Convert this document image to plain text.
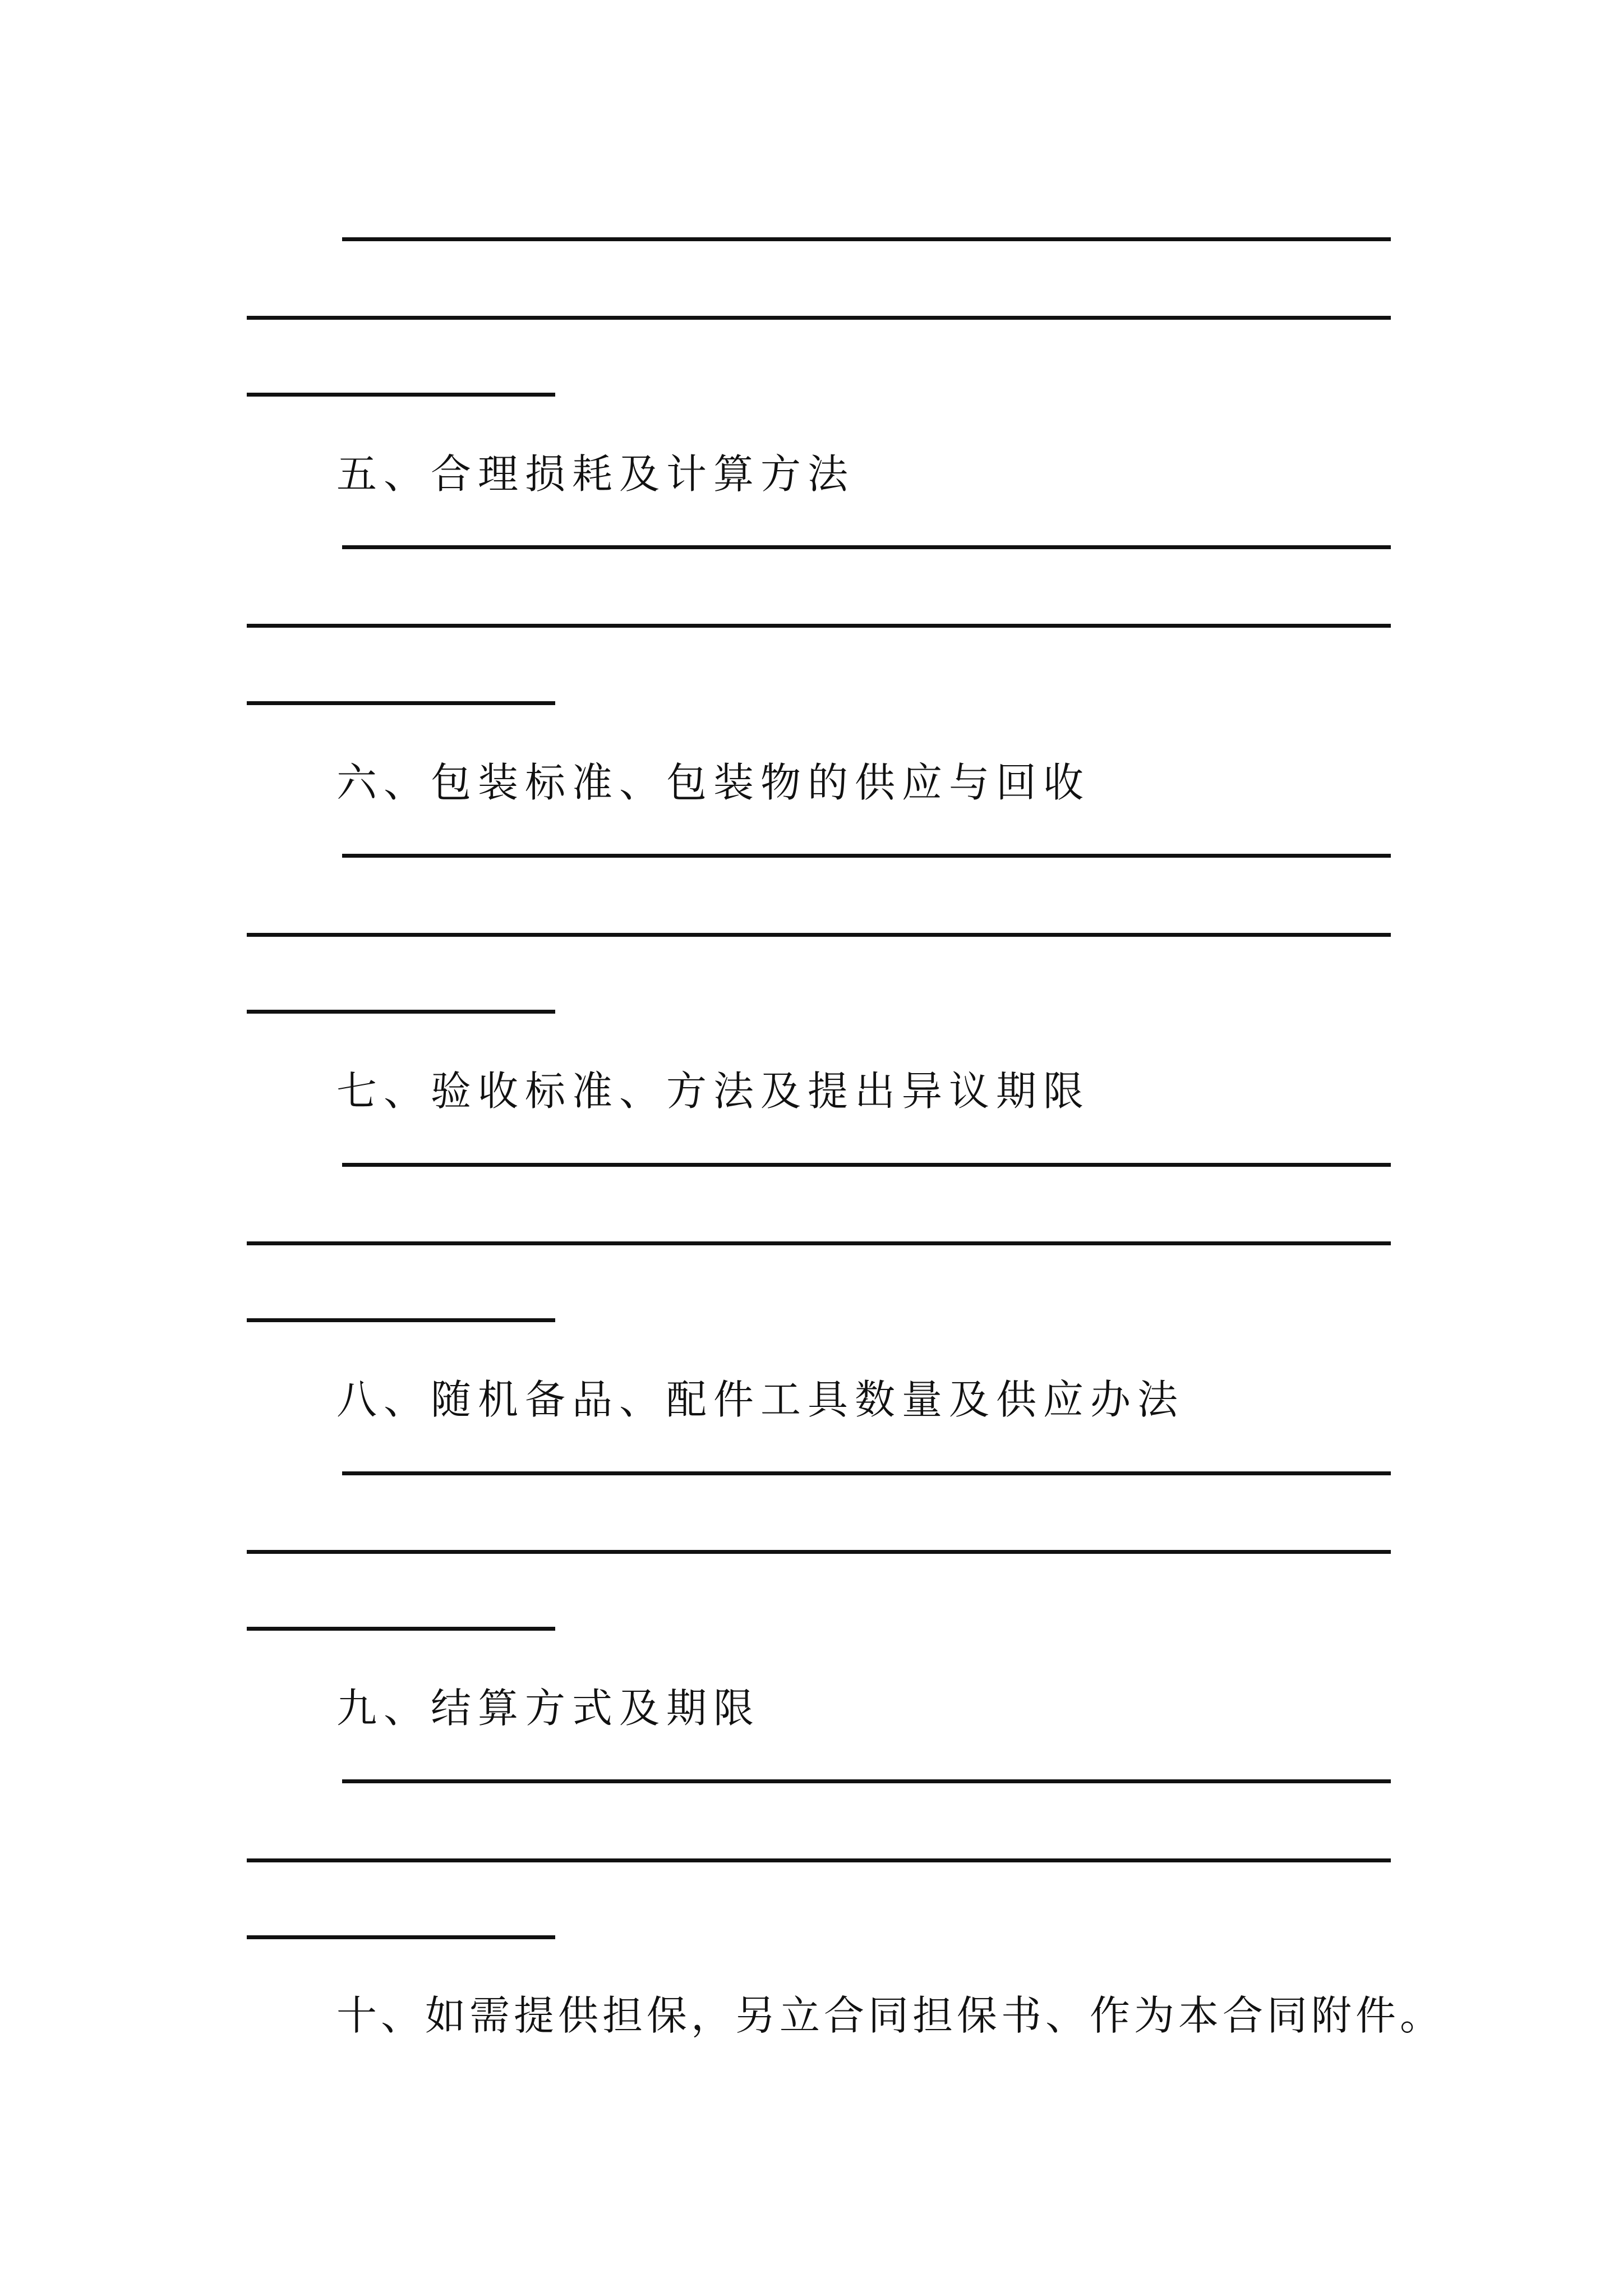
五、合理损耗及计算方法
六、包装标准、包装物的供应与回收
七、验收标准、方法及提出异议期限
八、随机备品、配件工具数量及供应办法
九、结算方式及期限
十、如需提供担保，另立合同担保书、作为本合同附件。
